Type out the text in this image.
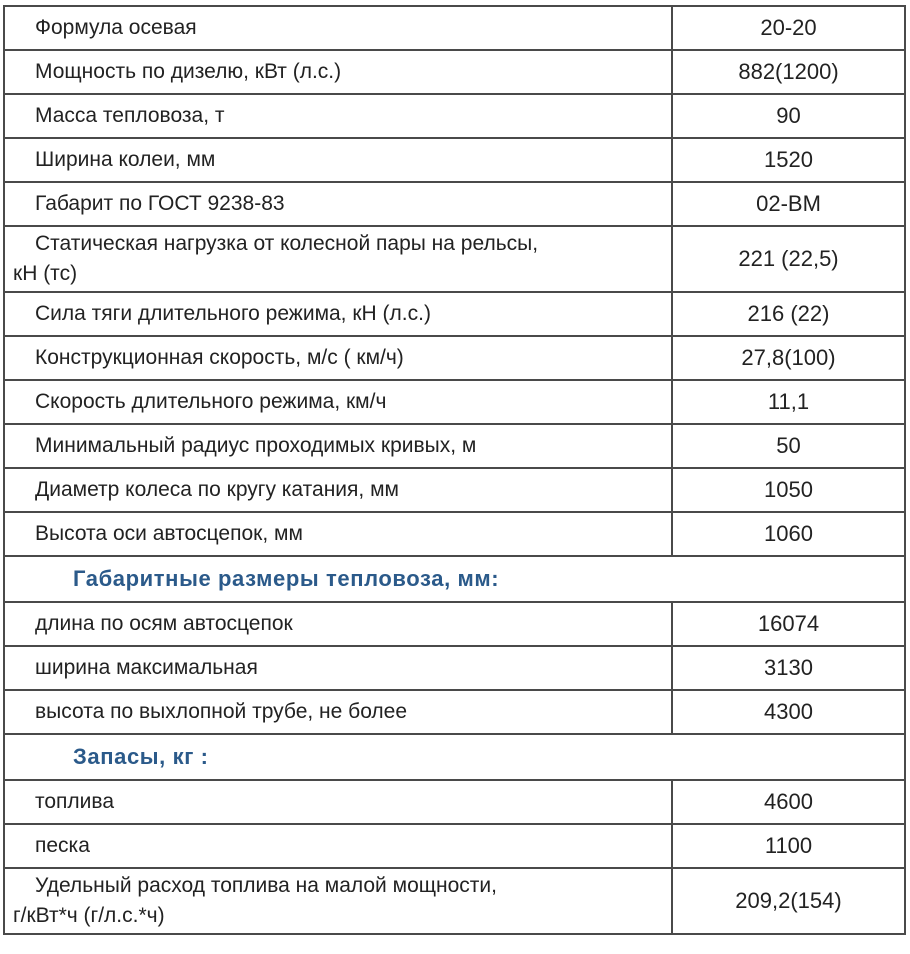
Формула осевая	20-20
Мощность по дизелю, кВт (л.с.)	882(1200)
Масса тепловоза, т	90
Ширина колеи, мм	1520
Габарит по ГОСТ 9238-83	02-ВМ
Статическая нагрузка от колесной пары на рельсы,
кН (тс)	221 (22,5)
Сила тяги длительного режима, кН (л.с.)	216 (22)
Конструкционная скорость, м/с ( км/ч)	27,8(100)
Скорость длительного режима, км/ч	11,1
Минимальный радиус проходимых кривых, м	50
Диаметр колеса по кругу катания, мм	1050
Высота оси автосцепок, мм	1060
Габаритные размеры тепловоза, мм:	
длина по осям автосцепок	16074
ширина максимальная	3130
высота по выхлопной трубе, не более	4300
Запасы, кг :	
топлива	4600
песка	1100
Удельный расход топлива на малой мощности,
г/кВт*ч (г/л.с.*ч)	209,2(154)
